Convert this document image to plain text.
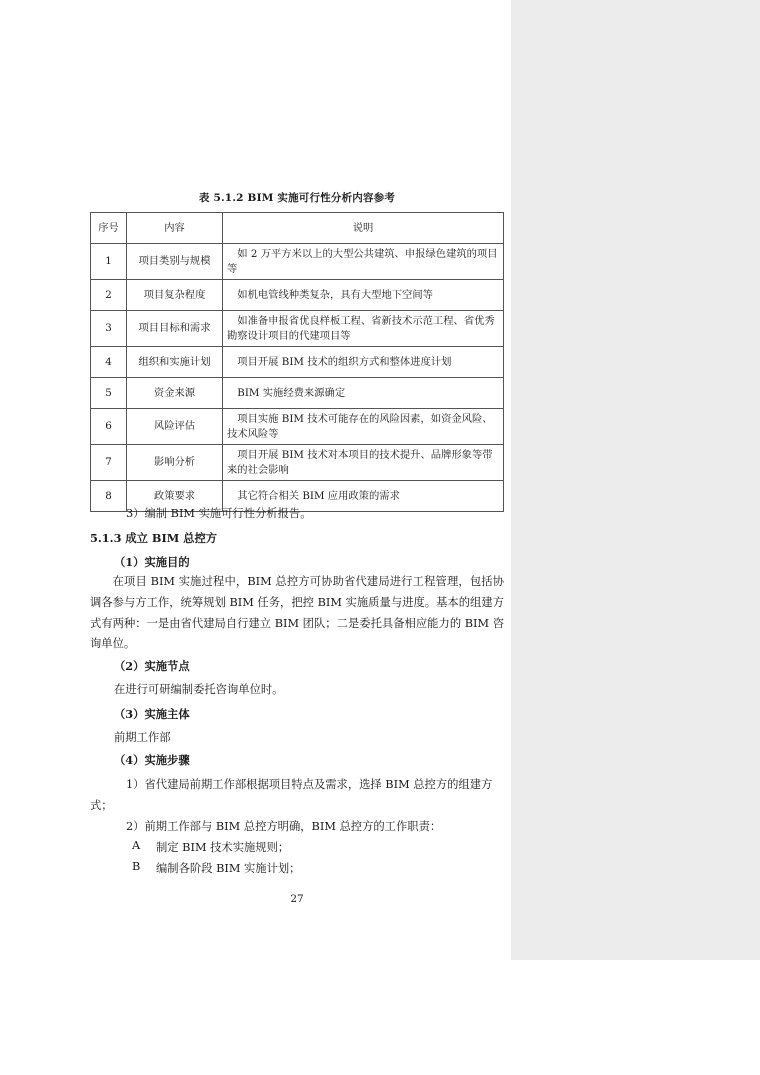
表 5.1.2 BIM 实施可行性分析内容参考
序号	内容	说明
1	项目类别与规模	如 2 万平方米以上的大型公共建筑、申报绿色建筑的项目等
2	项目复杂程度	如机电管线种类复杂，具有大型地下空间等
3	项目目标和需求	如准备申报省优良样板工程、省新技术示范工程、省优秀勘察设计项目的代建项目等
4	组织和实施计划	项目开展 BIM 技术的组织方式和整体进度计划
5	资金来源	BIM 实施经费来源确定
6	风险评估	项目实施 BIM 技术可能存在的风险因素，如资金风险、技术风险等
7	影响分析	项目开展 BIM 技术对本项目的技术提升、品牌形象等带来的社会影响
8	政策要求	其它符合相关 BIM 应用政策的需求
3）编制 BIM 实施可行性分析报告。
5.1.3 成立 BIM 总控方
（1）实施目的
在项目 BIM 实施过程中，BIM 总控方可协助省代建局进行工程管理，包括协调各参与方工作，统筹规划 BIM 任务，把控 BIM 实施质量与进度。基本的组建方式有两种：一是由省代建局自行建立 BIM 团队；二是委托具备相应能力的 BIM 咨询单位。
（2）实施节点
在进行可研编制委托咨询单位时。
（3）实施主体
前期工作部
（4）实施步骤
1）省代建局前期工作部根据项目特点及需求，选择 BIM 总控方的组建方
式；
2）前期工作部与 BIM 总控方明确，BIM 总控方的工作职责：
A 制定 BIM 技术实施规则；
B 编制各阶段 BIM 实施计划；
27
